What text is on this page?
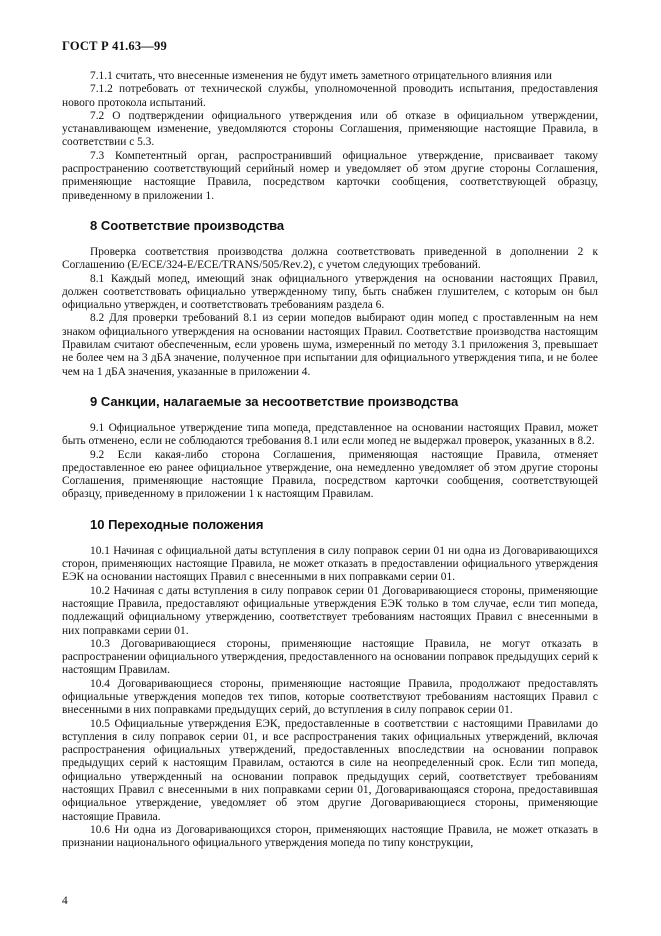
ГОСТ Р 41.63—99

7.1.1 считать, что внесенные изменения не будут иметь заметного отрицательного влияния или

7.1.2 потребовать от технической службы, уполномоченной проводить испытания, предоставления нового протокола испытаний.

7.2 О подтверждении официального утверждения или об отказе в официальном утверждении, устанавливающем изменение, уведомляются стороны Соглашения, применяющие настоящие Правила, в соответствии с 5.3.

7.3 Компетентный орган, распространивший официальное утверждение, присваивает такому распространению соответствующий серийный номер и уведомляет об этом другие стороны Соглашения, применяющие настоящие Правила, посредством карточки сообщения, соответствующей образцу, приведенному в приложении 1.

8 Соответствие производства

Проверка соответствия производства должна соответствовать приведенной в дополнении 2 к Соглашению (E/ECE/324-E/ECE/TRANS/505/Rev.2), с учетом следующих требований.

8.1 Каждый мопед, имеющий знак официального утверждения на основании настоящих Правил, должен соответствовать официально утвержденному типу, быть снабжен глушителем, с которым он был официально утвержден, и соответствовать требованиям раздела 6.

8.2 Для проверки требований 8.1 из серии мопедов выбирают один мопед с проставленным на нем знаком официального утверждения на основании настоящих Правил. Соответствие производства настоящим Правилам считают обеспеченным, если уровень шума, измеренный по методу 3.1 приложения 3, превышает не более чем на 3 дБA значение, полученное при испытании для официального утверждения типа, и не более чем на 1 дБA значения, указанные в приложении 4.

9 Санкции, налагаемые за несоответствие производства

9.1 Официальное утверждение типа мопеда, представленное на основании настоящих Правил, может быть отменено, если не соблюдаются требования 8.1 или если мопед не выдержал проверок, указанных в 8.2.

9.2 Если какая-либо сторона Соглашения, применяющая настоящие Правила, отменяет предоставленное ею ранее официальное утверждение, она немедленно уведомляет об этом другие стороны Соглашения, применяющие настоящие Правила, посредством карточки сообщения, соответствующей образцу, приведенному в приложении 1 к настоящим Правилам.

10 Переходные положения

10.1 Начиная с официальной даты вступления в силу поправок серии 01 ни одна из Договаривающихся сторон, применяющих настоящие Правила, не может отказать в предоставлении официального утверждения ЕЭК на основании настоящих Правил с внесенными в них поправками серии 01.

10.2 Начиная с даты вступления в силу поправок серии 01 Договаривающиеся стороны, применяющие настоящие Правила, предоставляют официальные утверждения ЕЭК только в том случае, если тип мопеда, подлежащий официальному утверждению, соответствует требованиям настоящих Правил с внесенными в них поправками серии 01.

10.3 Договаривающиеся стороны, применяющие настоящие Правила, не могут отказать в распространении официального утверждения, предоставленного на основании поправок предыдущих серий к настоящим Правилам.

10.4 Договаривающиеся стороны, применяющие настоящие Правила, продолжают предоставлять официальные утверждения мопедов тех типов, которые соответствуют требованиям настоящих Правил с внесенными в них поправками предыдущих серий, до вступления в силу поправок серии 01.

10.5 Официальные утверждения ЕЭК, предоставленные в соответствии с настоящими Правилами до вступления в силу поправок серии 01, и все распространения таких официальных утверждений, включая распространения официальных утверждений, предоставленных впоследствии на основании поправок предыдущих серий к настоящим Правилам, остаются в силе на неопределенный срок. Если тип мопеда, официально утвержденный на основании поправок предыдущих серий, соответствует требованиям настоящих Правил с внесенными в них поправками серии 01, Договаривающаяся сторона, предоставившая официальное утверждение, уведомляет об этом другие Договаривающиеся стороны, применяющие настоящие Правила.

10.6 Ни одна из Договаривающихся сторон, применяющих настоящие Правила, не может отказать в признании национального официального утверждения мопеда по типу конструкции,

4
